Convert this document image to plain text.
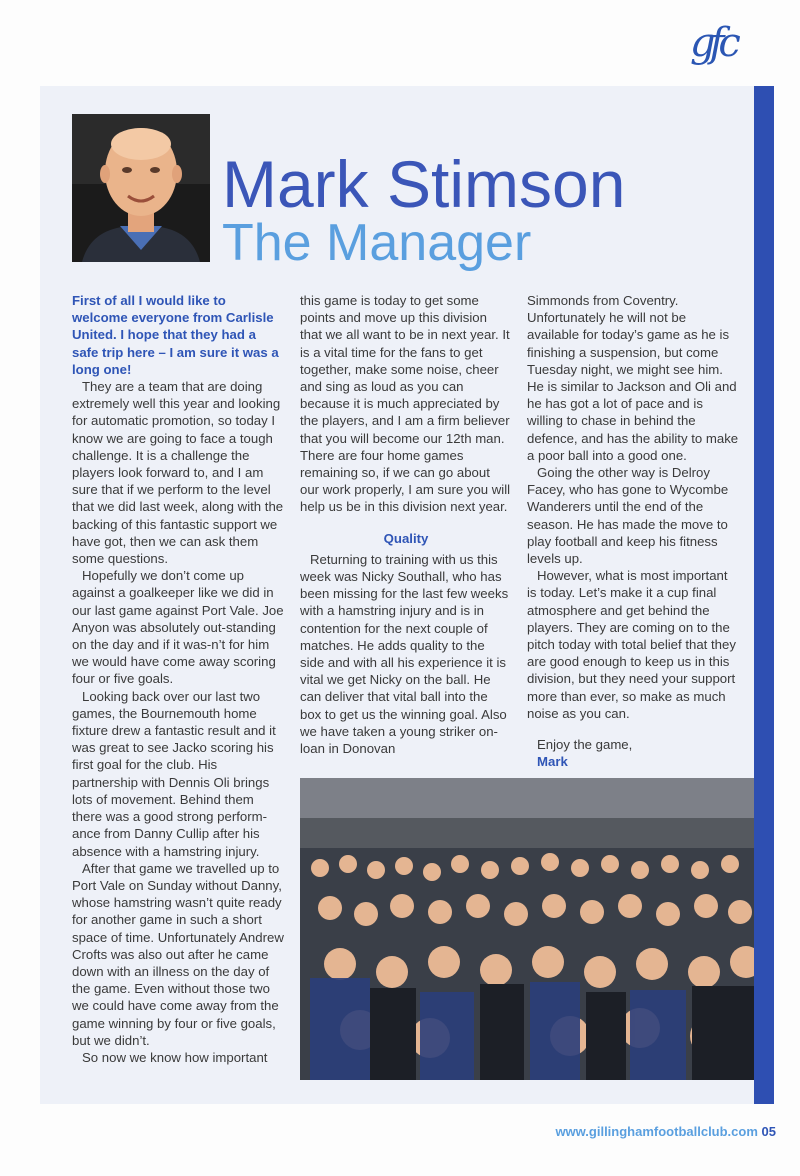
gfc
Mark Stimson
The Manager

First of all I would like to welcome everyone from Carlisle United. I hope that they had a safe trip here – I am sure it was a long one!

They are a team that are doing extremely well this year and looking for automatic promotion, so today I know we are going to face a tough challenge. It is a challenge the players look forward to, and I am sure that if we perform to the level that we did last week, along with the backing of this fantastic support we have got, then we can ask them some questions.

Hopefully we don’t come up against a goalkeeper like we did in our last game against Port Vale. Joe Anyon was absolutely out-standing on the day and if it was-n’t for him we would have come away scoring four or five goals.

Looking back over our last two games, the Bournemouth home fixture drew a fantastic result and it was great to see Jacko scoring his first goal for the club. His partnership with Dennis Oli brings lots of movement. Behind them there was a good strong perform-ance from Danny Cullip after his absence with a hamstring injury.

After that game we travelled up to Port Vale on Sunday without Danny, whose hamstring wasn’t quite ready for another game in such a short space of time. Unfortunately Andrew Crofts was also out after he came down with an illness on the day of the game. Even without those two we could have come away from the game winning by four or five goals, but we didn’t.

So now we know how important

this game is today to get some points and move up this division that we all want to be in next year. It is a vital time for the fans to get together, make some noise, cheer and sing as loud as you can because it is much appreciated by the players, and I am a firm believer that you will become our 12th man. There are four home games remaining so, if we can go about our work properly, I am sure you will help us be in this division next year.

Quality

Returning to training with us this week was Nicky Southall, who has been missing for the last few weeks with a hamstring injury and is in contention for the next couple of matches. He adds quality to the side and with all his experience it is vital we get Nicky on the ball. He can deliver that vital ball into the box to get us the winning goal. Also we have taken a young striker on-loan in Donovan

Simmonds from Coventry. Unfortunately he will not be available for today’s game as he is finishing a suspension, but come Tuesday night, we might see him. He is similar to Jackson and Oli and he has got a lot of pace and is willing to chase in behind the defence, and has the ability to make a poor ball into a good one.

Going the other way is Delroy Facey, who has gone to Wycombe Wanderers until the end of the season. He has made the move to play football and keep his fitness levels up.

However, what is most important is today. Let’s make it a cup final atmosphere and get behind the players. They are coming on to the pitch today with total belief that they are good enough to keep us in this division, but they need your support more than ever, so make as much noise as you can.

Enjoy the game,

Mark

www.gillinghamfootballclub.com 05
